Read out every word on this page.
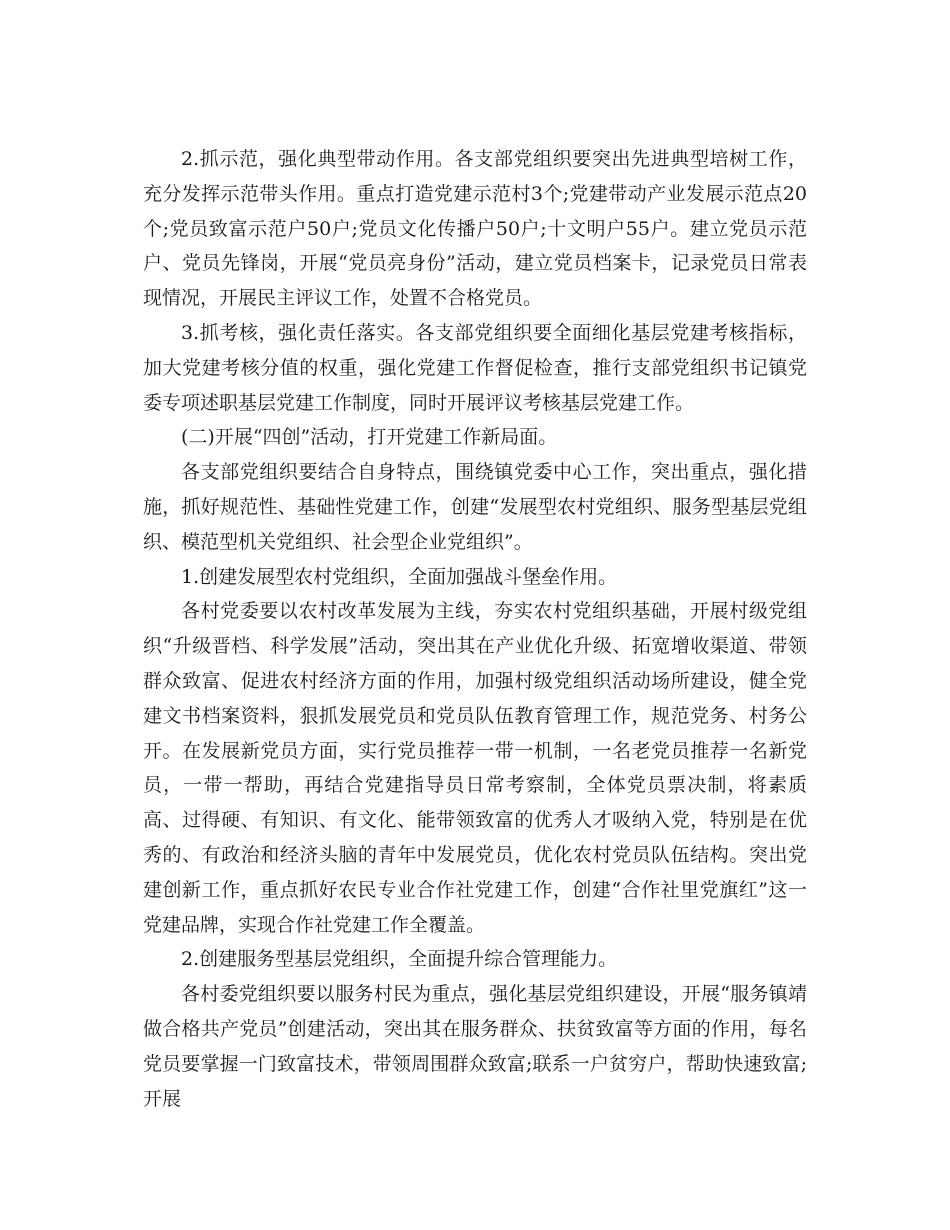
2.抓示范，强化典型带动作用。各支部党组织要突出先进典型培树工作，充分发挥示范带头作用。重点打造党建示范村3个;党建带动产业发展示范点20个;党员致富示范户50户;党员文化传播户50户;十文明户55户。建立党员示范户、党员先锋岗，开展“党员亮身份”活动，建立党员档案卡，记录党员日常表现情况，开展民主评议工作，处置不合格党员。

3.抓考核，强化责任落实。各支部党组织要全面细化基层党建考核指标，加大党建考核分值的权重，强化党建工作督促检查，推行支部党组织书记镇党委专项述职基层党建工作制度，同时开展评议考核基层党建工作。

(二)开展“四创”活动，打开党建工作新局面。

各支部党组织要结合自身特点，围绕镇党委中心工作，突出重点，强化措施，抓好规范性、基础性党建工作，创建“发展型农村党组织、服务型基层党组织、模范型机关党组织、社会型企业党组织”。

1.创建发展型农村党组织，全面加强战斗堡垒作用。

各村党委要以农村改革发展为主线，夯实农村党组织基础，开展村级党组织“升级晋档、科学发展”活动，突出其在产业优化升级、拓宽增收渠道、带领群众致富、促进农村经济方面的作用，加强村级党组织活动场所建设，健全党建文书档案资料，狠抓发展党员和党员队伍教育管理工作，规范党务、村务公开。在发展新党员方面，实行党员推荐一带一机制，一名老党员推荐一名新党员，一带一帮助，再结合党建指导员日常考察制，全体党员票决制，将素质高、过得硬、有知识、有文化、能带领致富的优秀人才吸纳入党，特别是在优秀的、有政治和经济头脑的青年中发展党员，优化农村党员队伍结构。突出党建创新工作，重点抓好农民专业合作社党建工作，创建“合作社里党旗红”这一党建品牌，实现合作社党建工作全覆盖。

2.创建服务型基层党组织，全面提升综合管理能力。

各村委党组织要以服务村民为重点，强化基层党组织建设，开展“服务镇靖做合格共产党员”创建活动，突出其在服务群众、扶贫致富等方面的作用，每名党员要掌握一门致富技术，带领周围群众致富;联系一户贫穷户，帮助快速致富;开展
